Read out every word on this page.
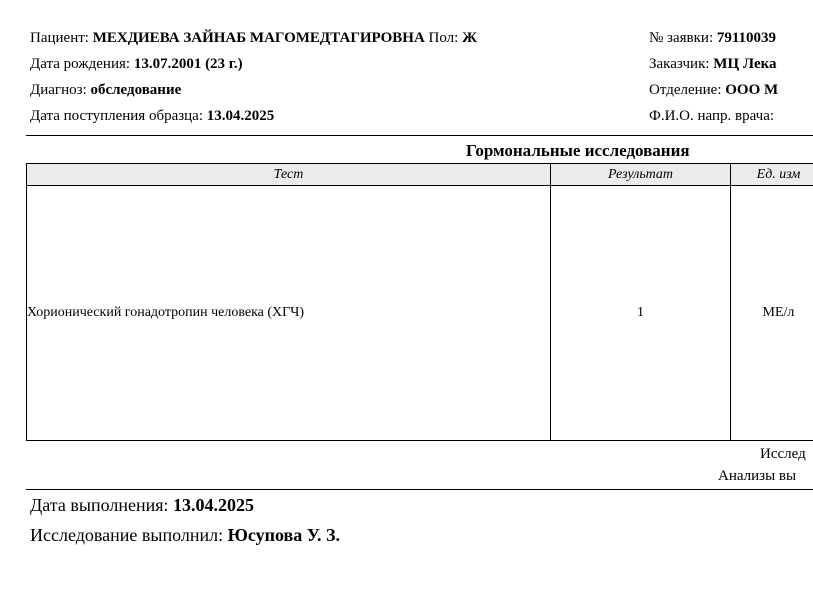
Пациент: МЕХДИЕВА ЗАЙНАБ МАГОМЕДТАГИРОВНА Пол: Ж
Дата рождения: 13.07.2001 (23 г.)
Диагноз: обследование
Дата поступления образца: 13.04.2025
№ заявки: 79110039
Заказчик: МЦ Лека
Отделение: ООО М
Ф.И.О. напр. врача:
Гормональные исследования
Тест	Результат	Ед. изм
Хорионический гонадотропин человека (ХГЧ)	1	МЕ/л
Исслед
Анализы вы
Дата выполнения: 13.04.2025
Исследование выполнил: Юсупова У. З.
